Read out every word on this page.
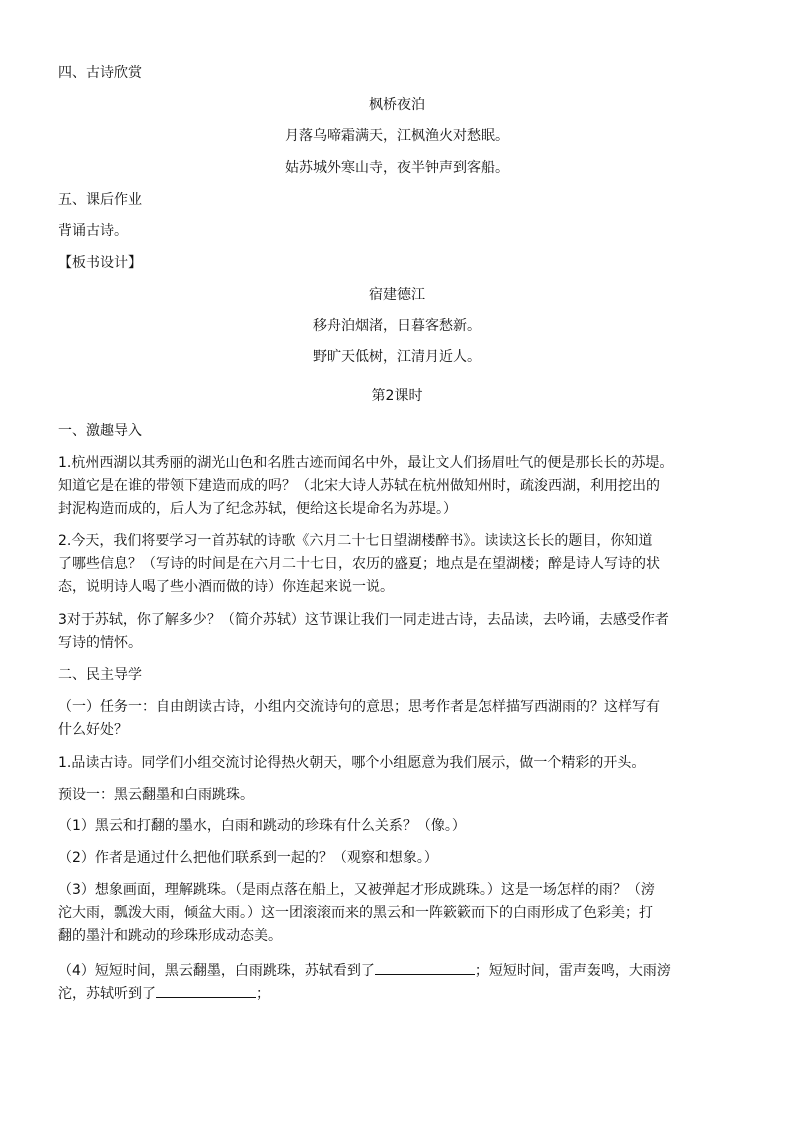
四、古诗欣赏
枫桥夜泊
月落乌啼霜满天，江枫渔火对愁眠。
姑苏城外寒山寺，夜半钟声到客船。
五、课后作业
背诵古诗。
【板书设计】
宿建德江
移舟泊烟渚，日暮客愁新。
野旷天低树，江清月近人。
第2课时
一、激趣导入
1.杭州西湖以其秀丽的湖光山色和名胜古迹而闻名中外，最让文人们扬眉吐气的便是那长长的苏堤。
知道它是在谁的带领下建造而成的吗？（北宋大诗人苏轼在杭州做知州时，疏浚西湖，利用挖出的
封泥构造而成的，后人为了纪念苏轼，便给这长堤命名为苏堤。）
2.今天，我们将要学习一首苏轼的诗歌《六月二十七日望湖楼醉书》。读读这长长的题目，你知道
了哪些信息？（写诗的时间是在六月二十七日，农历的盛夏；地点是在望湖楼；醉是诗人写诗的状
态，说明诗人喝了些小酒而做的诗）你连起来说一说。
3对于苏轼，你了解多少？（简介苏轼）这节课让我们一同走进古诗，去品读，去吟诵，去感受作者
写诗的情怀。
二、民主导学
（一）任务一：自由朗读古诗，小组内交流诗句的意思；思考作者是怎样描写西湖雨的？这样写有
什么好处？
1.品读古诗。同学们小组交流讨论得热火朝天，哪个小组愿意为我们展示，做一个精彩的开头。
预设一：黑云翻墨和白雨跳珠。
（1）黑云和打翻的墨水，白雨和跳动的珍珠有什么关系？（像。）
（2）作者是通过什么把他们联系到一起的？（观察和想象。）
（3）想象画面，理解跳珠。（是雨点落在船上，又被弹起才形成跳珠。）这是一场怎样的雨？（滂
沱大雨，瓢泼大雨，倾盆大雨。）这一团滚滚而来的黑云和一阵簌簌而下的白雨形成了色彩美；打
翻的墨汁和跳动的珍珠形成动态美。
（4）短短时间，黑云翻墨，白雨跳珠，苏轼看到了	；短短时间，雷声轰鸣，大雨滂
沱，苏轼听到了	；
